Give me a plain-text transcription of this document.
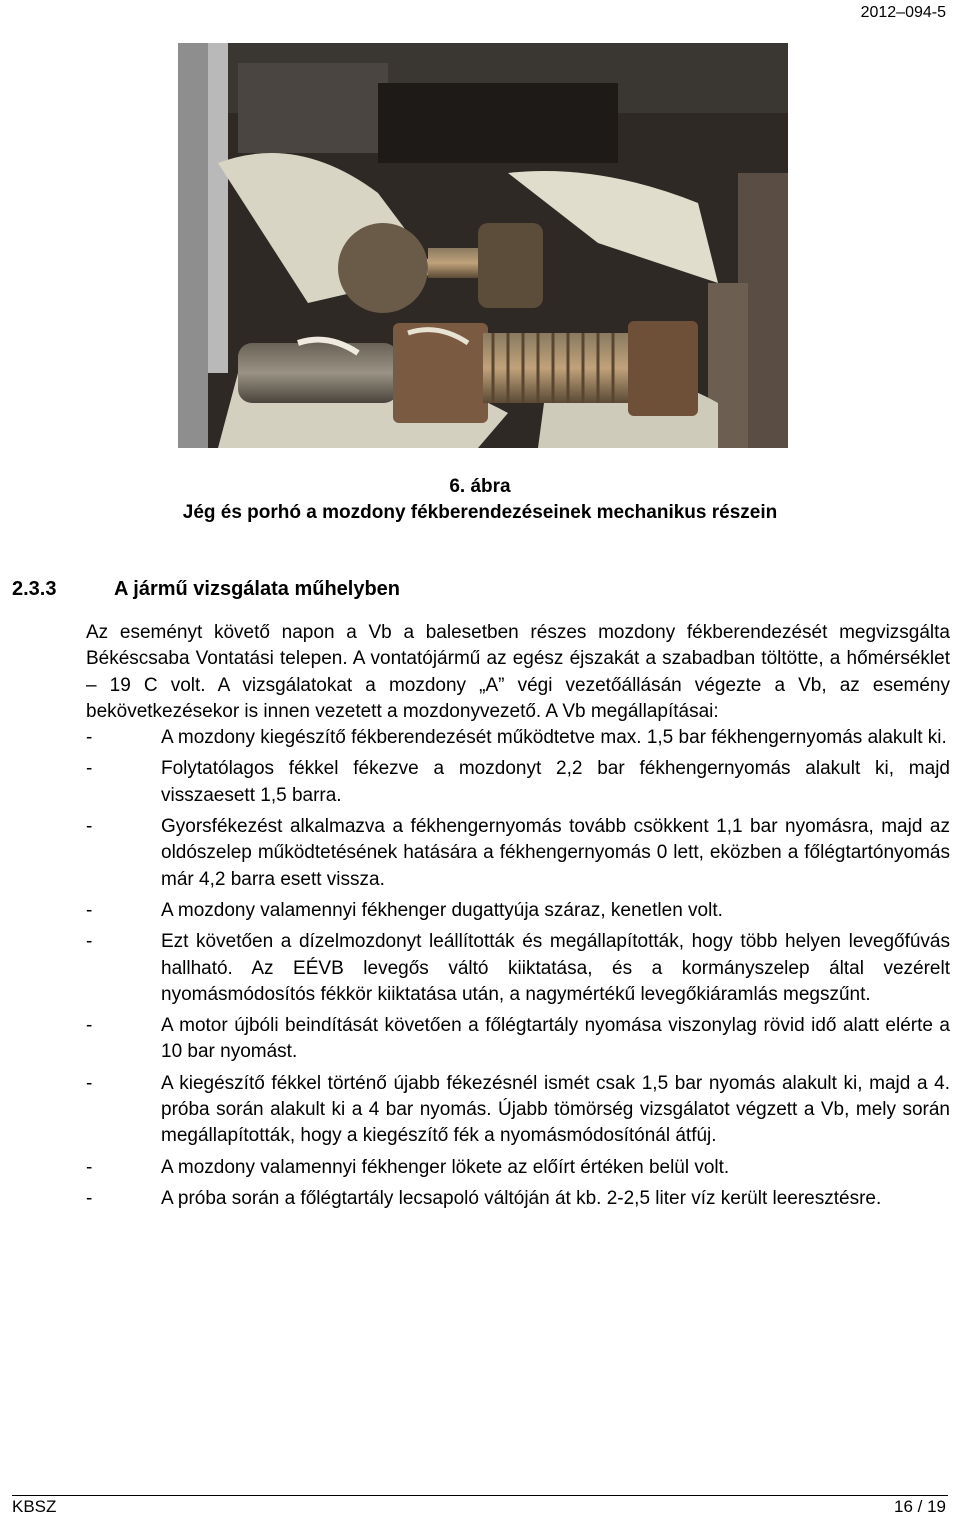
2012–094-5
6. ábra
Jég és porhó a mozdony fékberendezéseinek mechanikus részein
2.3.3	A jármű vizsgálata műhelyben

Az eseményt követő napon a Vb a balesetben részes mozdony fékberendezését megvizsgálta Békéscsaba Vontatási telepen. A vontatójármű az egész éjszakát a szabadban töltötte, a hőmérséklet – 19 C volt. A vizsgálatokat a mozdony „A” végi vezetőállásán végezte a Vb, az esemény bekövetkezésekor is innen vezetett a mozdonyvezető. A Vb megállapításai:

-	A mozdony kiegészítő fékberendezését működtetve max. 1,5 bar fékhengernyomás alakult ki.
-	Folytatólagos fékkel fékezve a mozdonyt 2,2 bar fékhengernyomás alakult ki, majd visszaesett 1,5 barra.
-	Gyorsfékezést alkalmazva a fékhengernyomás tovább csökkent 1,1 bar nyomásra, majd az oldószelep működtetésének hatására a fékhengernyomás 0 lett, eközben a főlégtartónyomás már 4,2 barra esett vissza.
-	A mozdony valamennyi fékhenger dugattyúja száraz, kenetlen volt.
-	Ezt követően a dízelmozdonyt leállították és megállapították, hogy több helyen levegőfúvás hallható. Az EÉVB levegős váltó kiiktatása, és a kormányszelep által vezérelt nyomásmódosítós fékkör kiiktatása után, a nagymértékű levegőkiáramlás megszűnt.
-	A motor újbóli beindítását követően a főlégtartály nyomása viszonylag rövid idő alatt elérte a 10 bar nyomást.
-	A kiegészítő fékkel történő újabb fékezésnél ismét csak 1,5 bar nyomás alakult ki, majd a 4. próba során alakult ki a 4 bar nyomás. Újabb tömörség vizsgálatot végzett a Vb, mely során megállapították, hogy a kiegészítő fék a nyomásmódosítónál átfúj.
-	A mozdony valamennyi fékhenger lökete az előírt értéken belül volt.
-	A próba során a főlégtartály lecsapoló váltóján át kb. 2-2,5 liter víz került leeresztésre.
KBSZ	16 / 19
